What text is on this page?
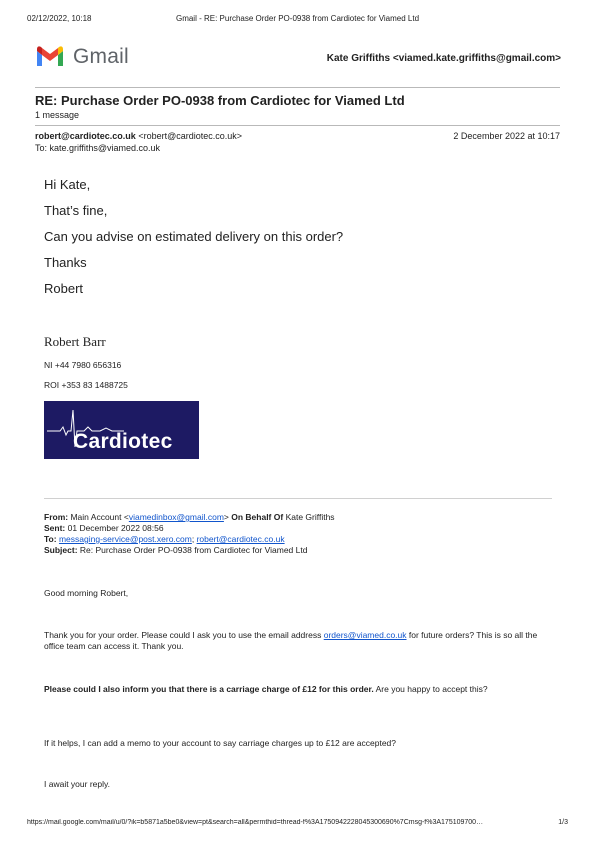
02/12/2022, 10:18	Gmail - RE: Purchase Order PO-0938 from Cardiotec for Viamed Ltd
Gmail	Kate Griffiths <viamed.kate.griffiths@gmail.com>
RE: Purchase Order PO-0938 from Cardiotec for Viamed Ltd
1 message
robert@cardiotec.co.uk <robert@cardiotec.co.uk>	2 December 2022 at 10:17
To: kate.griffiths@viamed.co.uk
Hi Kate,
That’s fine,
Can you advise on estimated delivery on this order?
Thanks
Robert
Robert Barr
NI +44 7980 656316
ROI +353 83 1488725
Cardiotec
From: Main Account <viamedinbox@gmail.com> On Behalf Of Kate Griffiths
Sent: 01 December 2022 08:56
To: messaging-service@post.xero.com; robert@cardiotec.co.uk
Subject: Re: Purchase Order PO-0938 from Cardiotec for Viamed Ltd
Good morning Robert,
Thank you for your order. Please could I ask you to use the email address orders@viamed.co.uk for future orders? This is so all the office team can access it. Thank you.
Please could I also inform you that there is a carriage charge of £12 for this order. Are you happy to accept this?
If it helps, I can add a memo to your account to say carriage charges up to £12 are accepted?
I await your reply.
https://mail.google.com/mail/u/0/?ik=b5871a5be0&view=pt&search=all&permthid=thread-f%3A1750942228045300690%7Cmsg-f%3A175109700…	1/3
